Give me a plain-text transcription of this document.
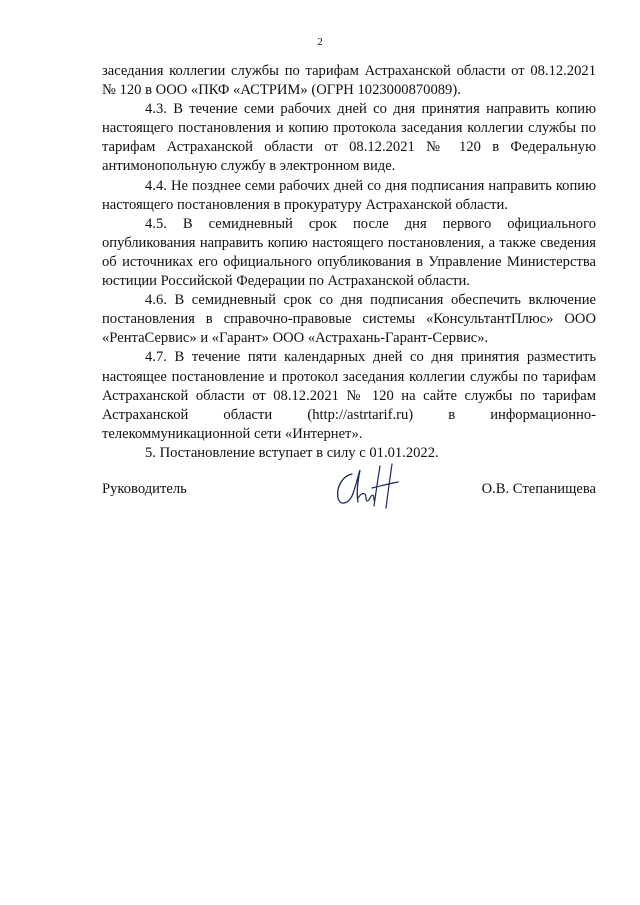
2

заседания коллегии службы по тарифам Астраханской области от 08.12.2021 № 120 в ООО «ПКФ «АСТРИМ» (ОГРН 1023000870089).

4.3. В течение семи рабочих дней со дня принятия направить копию настоящего постановления и копию протокола заседания коллегии службы по тарифам Астраханской области от 08.12.2021 № 120 в Федеральную антимонопольную службу в электронном виде.

4.4. Не позднее семи рабочих дней со дня подписания направить копию настоящего постановления в прокуратуру Астраханской области.

4.5. В семидневный срок после дня первого официального опубликования направить копию настоящего постановления, а также сведения об источниках его официального опубликования в Управление Министерства юстиции Российской Федерации по Астраханской области.

4.6. В семидневный срок со дня подписания обеспечить включение постановления в справочно-правовые системы «КонсультантПлюс» ООО «РентаСервис» и «Гарант» ООО «Астрахань-Гарант-Сервис».

4.7. В течение пяти календарных дней со дня принятия разместить настоящее постановление и протокол заседания коллегии службы по тарифам Астраханской области от 08.12.2021 № 120 на сайте службы по тарифам Астраханской области (http://astrtarif.ru) в информационно-телекоммуникационной сети «Интернет».

5. Постановление вступает в силу с 01.01.2022.

Руководитель	О.В. Степанищева
